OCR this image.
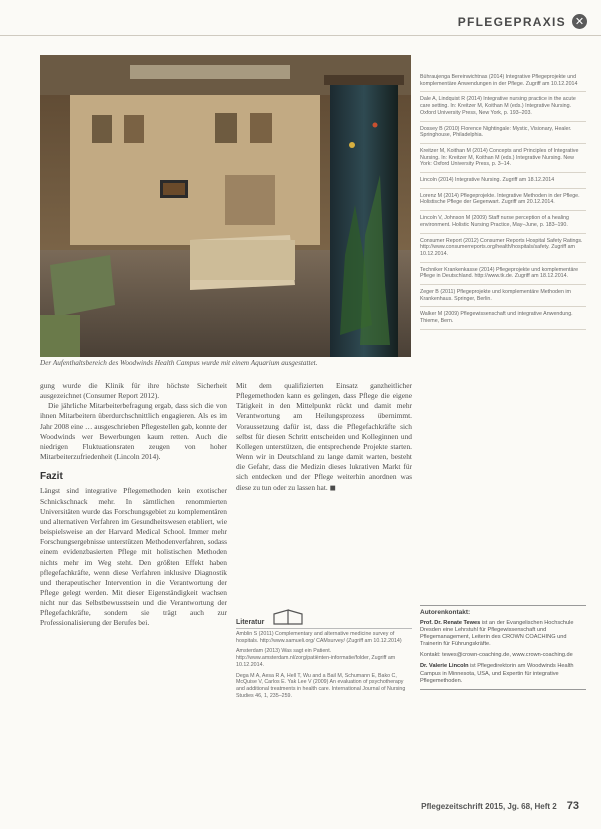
PFLEGEPRAXIS ✕
Der Aufenthaltsbereich des Woodwinds Health Campus wurde mit einem Aquarium ausgestattet.

gung wurde die Klinik für ihre höchste Sicherheit ausgezeichnet (Consumer Report 2012).

Die jährliche Mitarbeiterbefragung ergab, dass sich die von ihnen Mitarbeitern überdurchschnittlich engagieren. Als es im Jahr 2008 eine … ausgeschrieben Pflegestellen gab, konnte der Woodwinds wer Bewerbungen kaum retten. Auch die niedrigen Fluktuationsraten zeugen von hoher Mitarbeiterzufriedenheit (Lincoln 2014).

Fazit

Längst sind integrative Pflegemethoden kein exotischer Schnickschnack mehr. In sämtlichen renommierten Universitäten wurde das Forschungsgebiet zu komplementären und alternativen Verfahren im Gesundheitswesen etabliert, wie beispielsweise an der Harvard Medical School. Immer mehr Forschungsergebnisse unterstützen Methodenverfahren, sodass einem evidenzbasierten Pflege mit holistischen Methoden nichts mehr im Weg steht. Den größten Effekt haben pflegefachkräfte, wenn diese Verfahren inklusive Diagnostik und therapeutischer Intervention in die Verantwortung der Pflege gelegt werden. Mit dieser Eigenständigkeit wachsen nicht nur das Selbstbewusstsein und die Verantwortung der Pflegefachkräfte, sondern sie trägt auch zur Professionalisierung der Berufes bei.

Mit dem qualifizierten Einsatz ganzheitlicher Pflegemethoden kann es gelingen, dass Pflege die eigene Tätigkeit in den Mittelpunkt rückt und damit mehr Verantwortung am Heilungsprozess übernimmt. Voraussetzung dafür ist, dass die Pflegefachkräfte sich selbst für diesen Schritt entscheiden und Kolleginnen und Kollegen unterstützen, die entsprechende Projekte starten. Wenn wir in Deutschland zu lange damit warten, besteht die Gefahr, dass die Medizin dieses lukrativen Markt für sich entdecken und der Pflege weiterhin anordnen was diese zu tun oder zu lassen hat. ◼

Literatur
Amblin S (2011) Complementary and alternative medicine survey of hospitals. http://www.samueli.org/ CAMsurvey/ (Zugriff am 10.12.2014)
Amsterdam (2013) Was sagt ein Patient. http://www.amsterdam.nl/zorg/patiënten-informatie/folder, Zugriff am 10.12.2014.
Dega M A, Aesa R A, Hell T, Wu and a Bail M, Schumann E, Bako C, McQuise V, Carlos E. Yak Lee V (2009) An evaluation of psychotherapy and additional treatments in health care. International Journal of Nursing Studies 46, 1, 235–259.
Bühraujenga Bereinwichtnas (2014) Integrative Pflegeprojekte und komplementäre Anwendungen in der Pflege. Zugriff am 10.12.2014
Dale A, Lindquist R (2014) Integrative nursing practice in the acute care setting. In: Kreitzer M, Koithan M (eds.) Integrative Nursing. Oxford University Press, New York, p. 193–203.
Dossey B (2010) Florence Nightingale: Mystic, Visionary, Healer. Springhouse, Philadelphia.
Kreitzer M, Koithan M (2014) Concepts and Principles of Integrative Nursing. In: Kreitzer M, Koithan M (eds.) Integrative Nursing. New York: Oxford University Press, p. 3–14.
Lincoln (2014) Integrative Nursing. Zugriff am 18.12.2014
Lorenz M (2014) Pflegeprojekte. Integrative Methoden in der Pflege. Holistische Pflege der Gegenwart. Zugriff am 20.12.2014.
Lincoln V, Johnson M (2009) Staff nurse perception of a healing environment. Holistic Nursing Practice, May–June, p. 183–190.
Consumer Report (2012) Consumer Reports Hospital Safety Ratings. http://www.consumerreports.org/health/hospitals/safety. Zugriff am 10.12.2014.
Techniker Krankenkasse (2014) Pflegeprojekte und komplementäre Pflege in Deutschland. http://www.tk.de. Zugriff am 18.12.2014.
Zeger B (2011) Pflegeprojekte und komplementäre Methoden im Krankenhaus. Springer, Berlin.
Walker M (2009) Pflegewissenschaft und integrative Anwendung. Thieme, Bern.
Autorenkontakt:

Prof. Dr. Renate Tewes ist an der Evangelischen Hochschule Dresden eine Lehrstuhl für Pflegewissenschaft und Pflegemanagement, Leiterin des CROWN COACHING und Trainerin für Führungskräfte.

Kontakt: tewes@crown-coaching.de, www.crown-coaching.de

Dr. Valerie Lincoln ist Pflegedirektorin am Woodwinds Health Campus in Minnesota, USA, und Expertin für integrative Pflegemethoden.

Pflegezeitschrift 2015, Jg. 68, Heft 2 73
